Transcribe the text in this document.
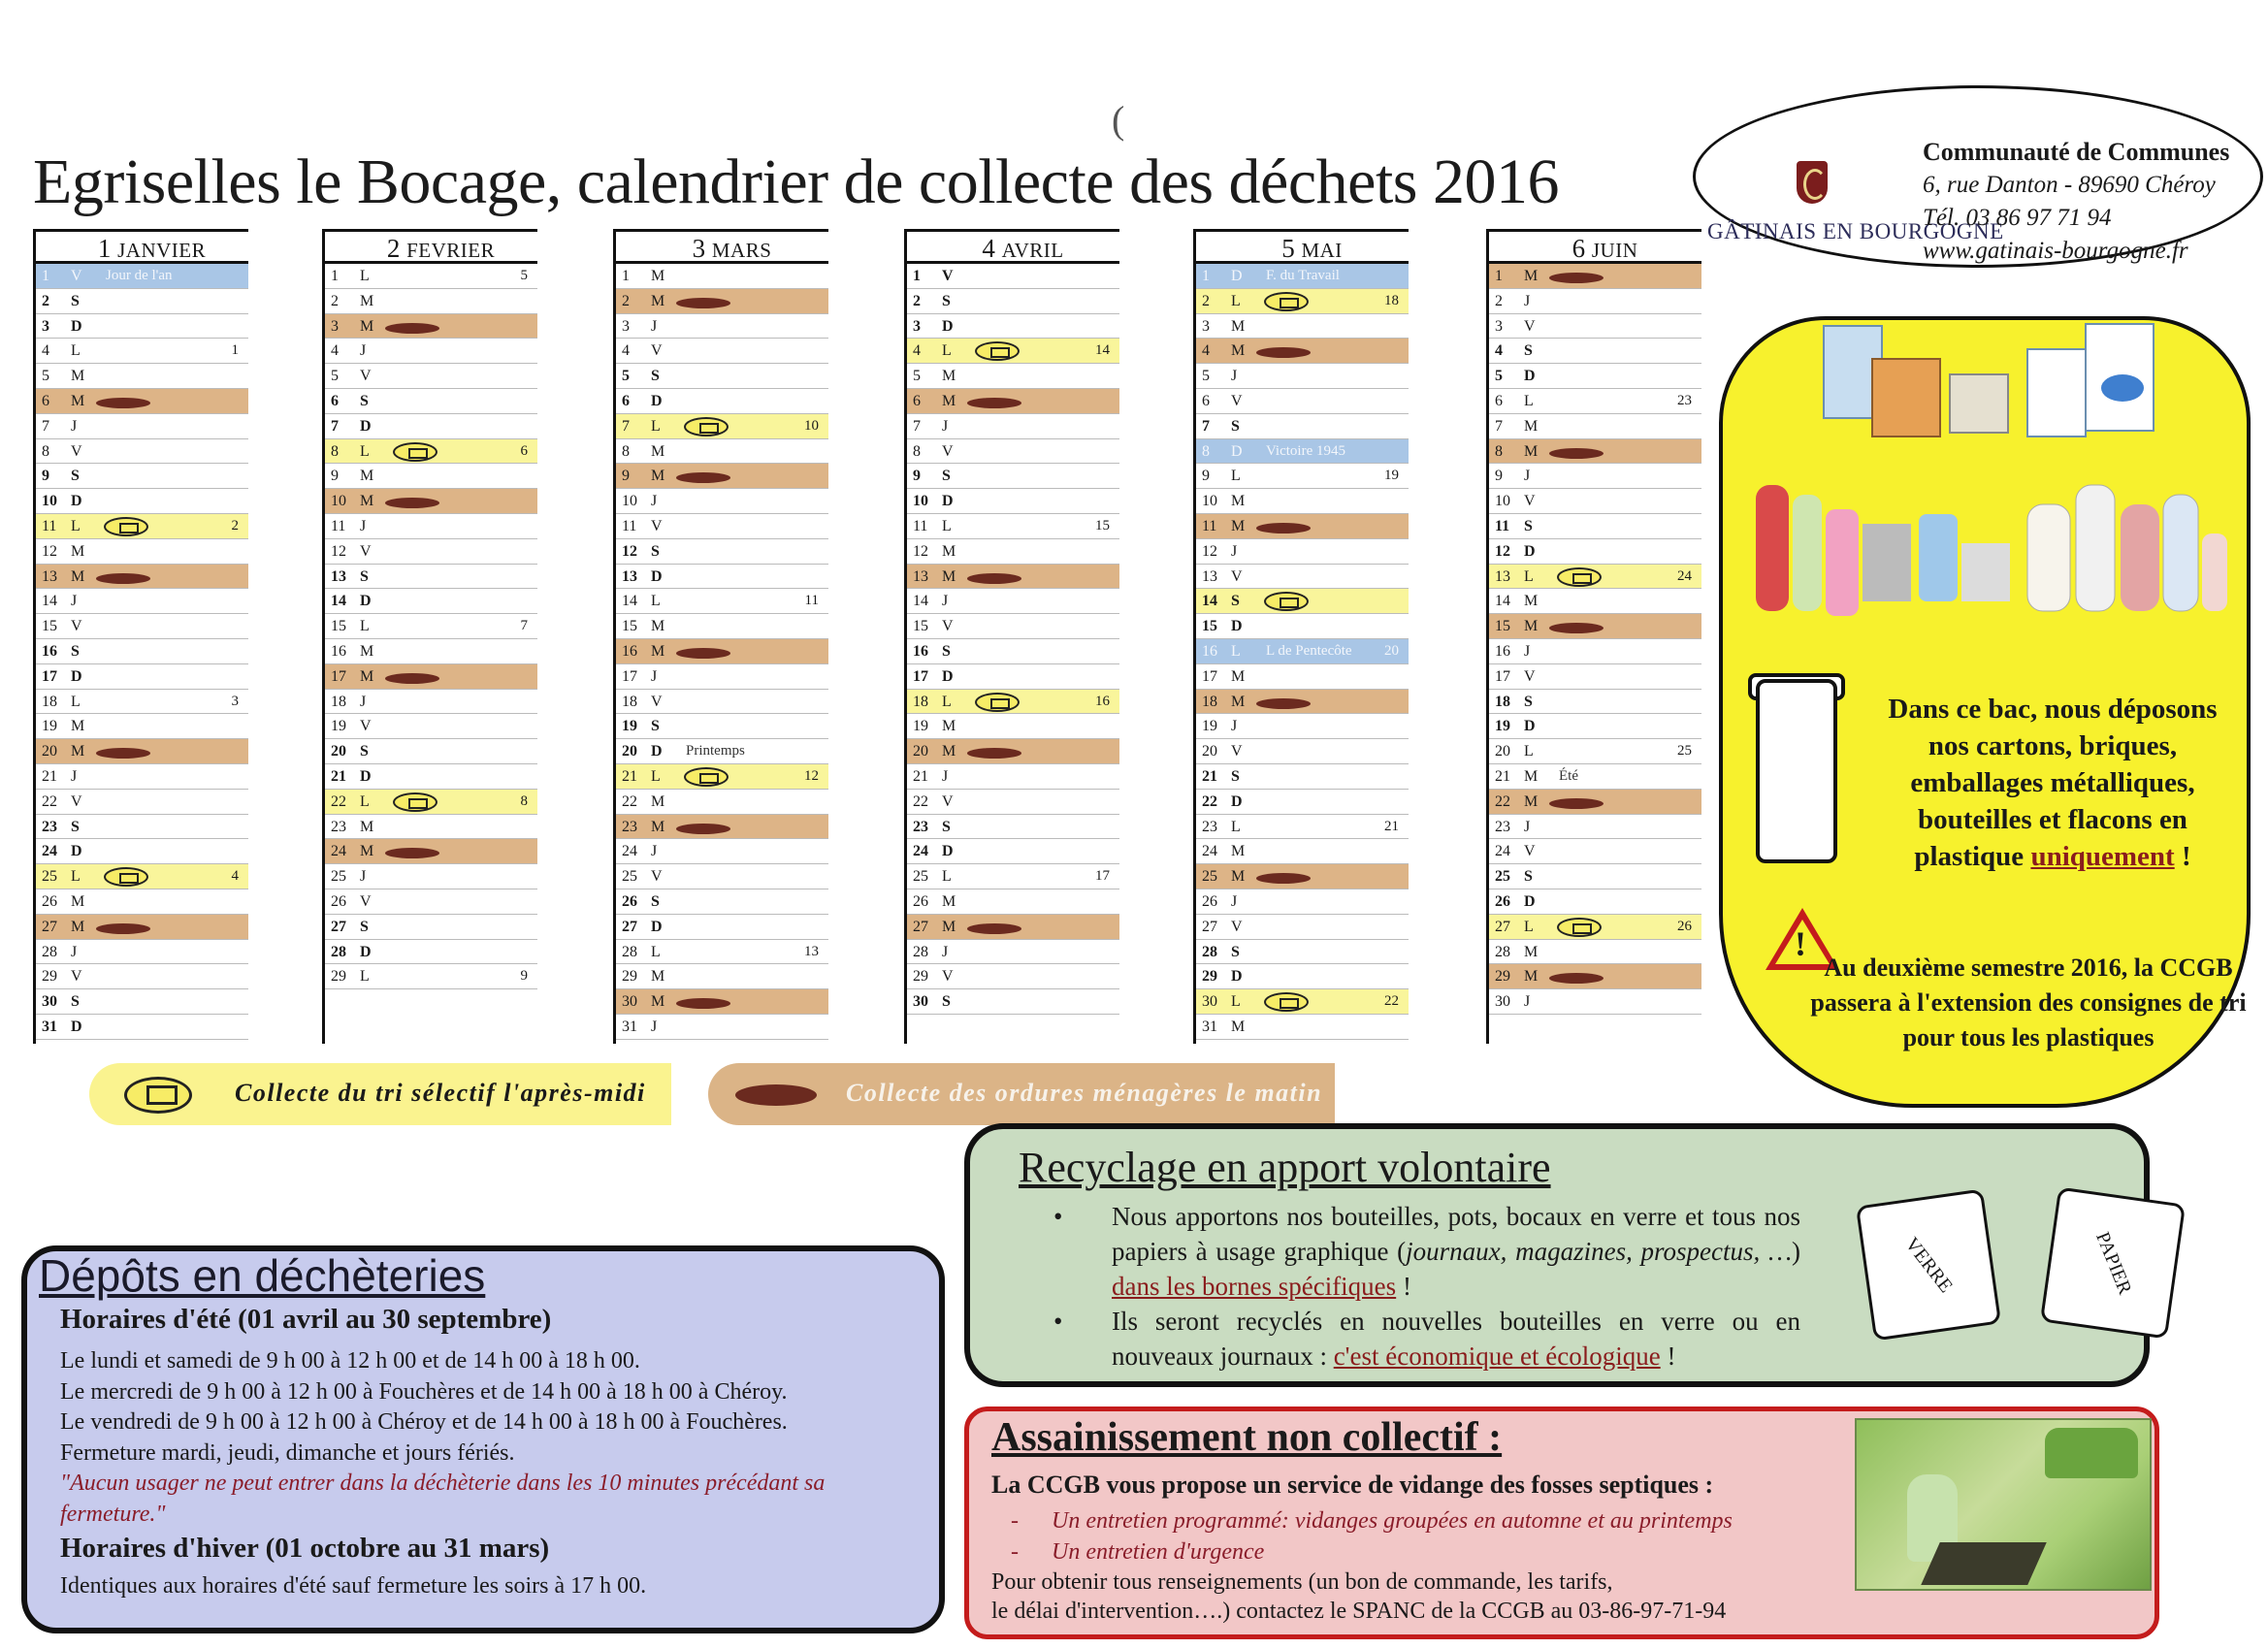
Egriselles le Bocage, calendrier de collecte des déchets 2016
(
GÂTINAIS EN BOURGOGNE
Communauté de Communes
6, rue Danton - 89690 Chéroy
Tél. 03 86 97 71 94
www.gatinais-bourgogne.fr
1 JANVIER
1 V Jour de l'an
2 S
3 D
4 L	1
5 M
6 M
7 J
8 V
9 S
10 D
11 L	2
12 M
13 M
14 J
15 V
16 S
17 D
18 L	3
19 M
20 M
21 J
22 V
23 S
24 D
25 L	4
26 M
27 M
28 J
29 V
30 S
31 D
2 FEVRIER
1 L	5
2 M
3 M
4 J
5 V
6 S
7 D
8 L	6
9 M
10 M
11 J
12 V
13 S
14 D
15 L	7
16 M
17 M
18 J
19 V
20 S
21 D
22 L	8
23 M
24 M
25 J
26 V
27 S
28 D
29 L	9
3 MARS
1 M
2 M
3 J
4 V
5 S
6 D
7 L	10
8 M
9 M
10 J
11 V
12 S
13 D
14 L	11
15 M
16 M
17 J
18 V
19 S
20 D Printemps
21 L	12
22 M
23 M
24 J
25 V
26 S
27 D
28 L	13
29 M
30 M
31 J
4 AVRIL
1 V
2 S
3 D
4 L	14
5 M
6 M
7 J
8 V
9 S
10 D
11 L	15
12 M
13 M
14 J
15 V
16 S
17 D
18 L	16
19 M
20 M
21 J
22 V
23 S
24 D
25 L	17
26 M
27 M
28 J
29 V
30 S
5 MAI
1 D F. du Travail
2 L	18
3 M
4 M
5 J
6 V
7 S
8 D Victoire 1945
9 L	19
10 M
11 M
12 J
13 V
14 S
15 D
16 L L de Pentecôte 20
17 M
18 M
19 J
20 V
21 S
22 D
23 L	21
24 M
25 M
26 J
27 V
28 S
29 D
30 L	22
31 M
6 JUIN
1 M
2 J
3 V
4 S
5 D
6 L	23
7 M
8 M
9 J
10 V
11 S
12 D
13 L	24
14 M
15 M
16 J
17 V
18 S
19 D
20 L	25
21 M Été
22 M
23 J
24 V
25 S
26 D
27 L	26
28 M
29 M
30 J
Collecte du tri sélectif l'après-midi	Collecte des ordures ménagères le matin
Dans ce bac, nous déposons
nos cartons, briques,
emballages métalliques,
bouteilles et flacons en
plastique uniquement !
!
Au deuxième semestre 2016, la CCGB passera à l'extension des consignes de tri pour tous les plastiques
Dépôts en déchèteries
Horaires d'été (01 avril au 30 septembre)
Le lundi et samedi de 9 h 00 à 12 h 00 et de 14 h 00 à 18 h 00.
Le mercredi de 9 h 00 à 12 h 00 à Fouchères et de 14 h 00 à 18 h 00 à Chéroy.
Le vendredi de 9 h 00 à 12 h 00 à Chéroy et de 14 h 00 à 18 h 00 à Fouchères.
Fermeture mardi, jeudi, dimanche et jours fériés.
"Aucun usager ne peut entrer dans la déchèterie dans les 10 minutes précédant sa fermeture."
Horaires d'hiver (01 octobre au 31 mars)
Identiques aux horaires d'été sauf fermeture les soirs à 17 h 00.
Recyclage en apport volontaire
• Nous apportons nos bouteilles, pots, bocaux en verre et tous nos papiers à usage graphique (journaux, magazines, prospectus, …) dans les bornes spécifiques !
• Ils seront recyclés en nouvelles bouteilles en verre ou en nouveaux journaux : c'est économique et écologique !
VERRE	PAPIER
Assainissement non collectif :
La CCGB vous propose un service de vidange des fosses septiques :
- Un entretien programmé: vidanges groupées en automne et au printemps
- Un entretien d'urgence
Pour obtenir tous renseignements (un bon de commande, les tarifs,
le délai d'intervention….) contactez le SPANC de la CCGB au 03-86-97-71-94
